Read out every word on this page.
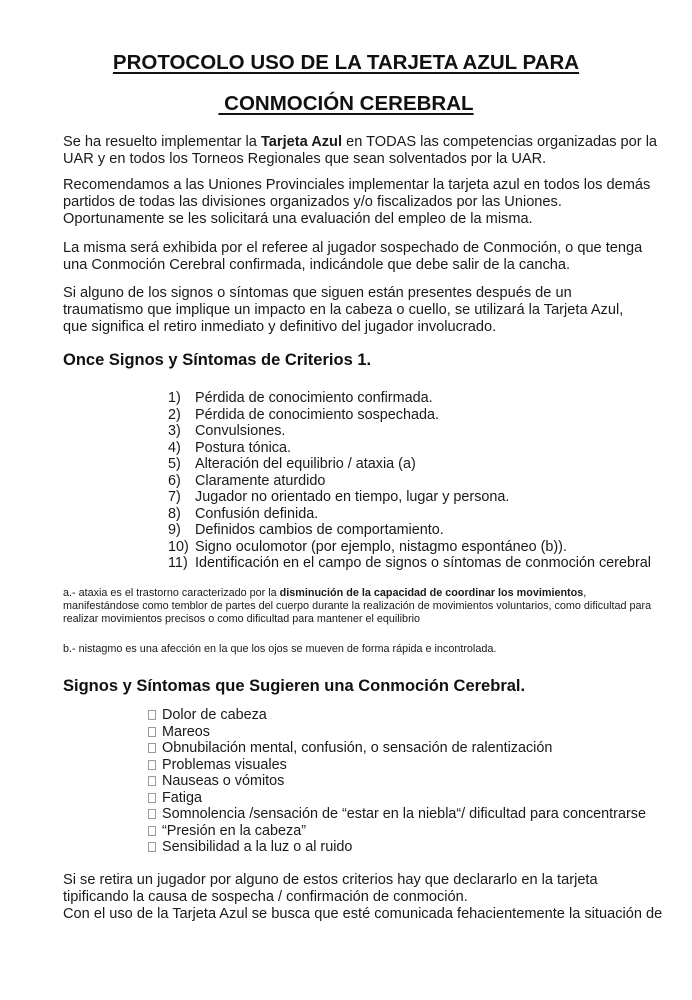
PROTOCOLO USO DE LA TARJETA AZUL PARA
CONMOCIÓN CEREBRAL
Se ha resuelto implementar la Tarjeta Azul en TODAS las competencias organizadas por la UAR y en todos los Torneos Regionales que sean solventados por la UAR.
Recomendamos a las Uniones Provinciales implementar la tarjeta azul en todos los demás
partidos de todas las divisiones organizados y/o fiscalizados por las Uniones.
Oportunamente se les solicitará una evaluación del empleo de la misma.
La misma será exhibida por el referee al jugador sospechado de Conmoción, o que tenga
una Conmoción Cerebral confirmada, indicándole que debe salir de la cancha.
Si alguno de los signos o síntomas que siguen están presentes después de un
traumatismo que implique un impacto en la cabeza o cuello, se utilizará la Tarjeta Azul,
que significa el retiro inmediato y definitivo del jugador involucrado.
Once Signos y Síntomas de Criterios 1.
1) Pérdida de conocimiento confirmada.
2) Pérdida de conocimiento sospechada.
3) Convulsiones.
4) Postura tónica.
5) Alteración del equilibrio / ataxia (a)
6) Claramente aturdido
7) Jugador no orientado en tiempo, lugar y persona.
8) Confusión definida.
9) Definidos cambios de comportamiento.
10) Signo oculomotor (por ejemplo, nistagmo espontáneo (b)).
11) Identificación en el campo de signos o síntomas de conmoción cerebral
a.- ataxia es el trastorno caracterizado por la disminución de la capacidad de coordinar los movimientos, manifestándose como temblor de partes del cuerpo durante la realización de movimientos voluntarios, como dificultad para realizar movimientos precisos o como dificultad para mantener el equilibrio
b.- nistagmo es una afección en la que los ojos se mueven de forma rápida e incontrolada.
Signos y Síntomas que Sugieren una Conmoción Cerebral.
Dolor de cabeza
Mareos
Obnubilación mental, confusión, o sensación de ralentización
Problemas visuales
Nauseas o vómitos
Fatiga
Somnolencia /sensación de “estar en la niebla“/ dificultad para concentrarse
“Presión en la cabeza”
Sensibilidad a la luz o al ruido
Si se retira un jugador por alguno de estos criterios hay que declararlo en la tarjeta
tipificando la causa de sospecha / confirmación de conmoción.
Con el uso de la Tarjeta Azul se busca que esté comunicada fehacientemente la situación de
